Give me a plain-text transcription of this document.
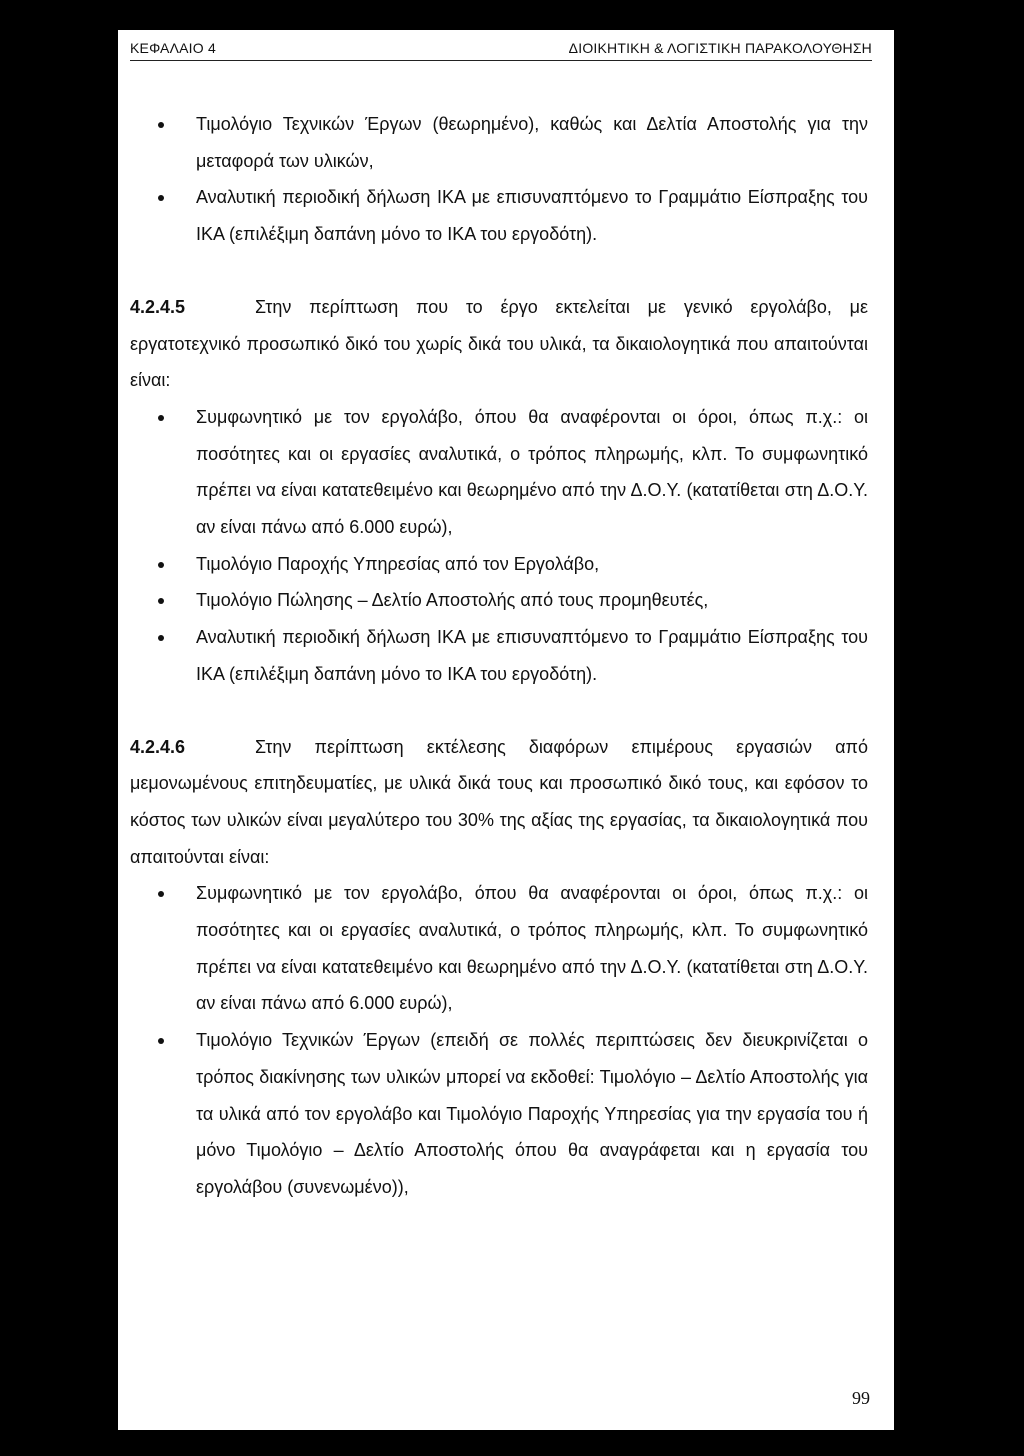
ΚΕΦΑΛΑΙΟ 4	ΔΙΟΙΚΗΤΙΚΗ & ΛΟΓΙΣΤΙΚΗ ΠΑΡΑΚΟΛΟΥΘΗΣΗ
Τιμολόγιο Τεχνικών Έργων (θεωρημένο), καθώς και Δελτία Αποστολής για την μεταφορά των υλικών,
Αναλυτική περιοδική δήλωση ΙΚΑ με επισυναπτόμενο το Γραμμάτιο Είσπραξης του ΙΚΑ (επιλέξιμη δαπάνη μόνο το ΙΚΑ του εργοδότη).
4.2.4.5	Στην περίπτωση που το έργο εκτελείται με γενικό εργολάβο, με εργατοτεχνικό προσωπικό δικό του χωρίς δικά του υλικά, τα δικαιολογητικά που απαιτούνται είναι:
Συμφωνητικό με τον εργολάβο, όπου θα αναφέρονται οι όροι, όπως π.χ.: οι ποσότητες και οι εργασίες αναλυτικά, ο τρόπος πληρωμής, κλπ. Το συμφωνητικό πρέπει να είναι κατατεθειμένο και θεωρημένο από την Δ.Ο.Υ. (κατατίθεται στη Δ.Ο.Υ. αν είναι πάνω από 6.000 ευρώ),
Τιμολόγιο Παροχής Υπηρεσίας από τον Εργολάβο,
Τιμολόγιο Πώλησης – Δελτίο Αποστολής από τους προμηθευτές,
Αναλυτική περιοδική δήλωση ΙΚΑ με επισυναπτόμενο το Γραμμάτιο Είσπραξης του ΙΚΑ (επιλέξιμη δαπάνη μόνο το ΙΚΑ του εργοδότη).
4.2.4.6	Στην περίπτωση εκτέλεσης διαφόρων επιμέρους εργασιών από μεμονωμένους επιτηδευματίες, με υλικά δικά τους και προσωπικό δικό τους, και εφόσον το κόστος των υλικών είναι μεγαλύτερο του 30% της αξίας της εργασίας, τα δικαιολογητικά που απαιτούνται είναι:
Συμφωνητικό με τον εργολάβο, όπου θα αναφέρονται οι όροι, όπως π.χ.: οι ποσότητες και οι εργασίες αναλυτικά, ο τρόπος πληρωμής, κλπ. Το συμφωνητικό πρέπει να είναι κατατεθειμένο και θεωρημένο από την Δ.Ο.Υ. (κατατίθεται στη Δ.Ο.Υ. αν είναι πάνω από 6.000 ευρώ),
Τιμολόγιο Τεχνικών Έργων (επειδή σε πολλές περιπτώσεις δεν διευκρινίζεται ο τρόπος διακίνησης των υλικών μπορεί να εκδοθεί: Τιμολόγιο – Δελτίο Αποστολής για τα υλικά από τον εργολάβο και Τιμολόγιο Παροχής Υπηρεσίας για την εργασία του ή μόνο Τιμολόγιο – Δελτίο Αποστολής όπου θα αναγράφεται και η εργασία του εργολάβου (συνενωμένο)),
99
